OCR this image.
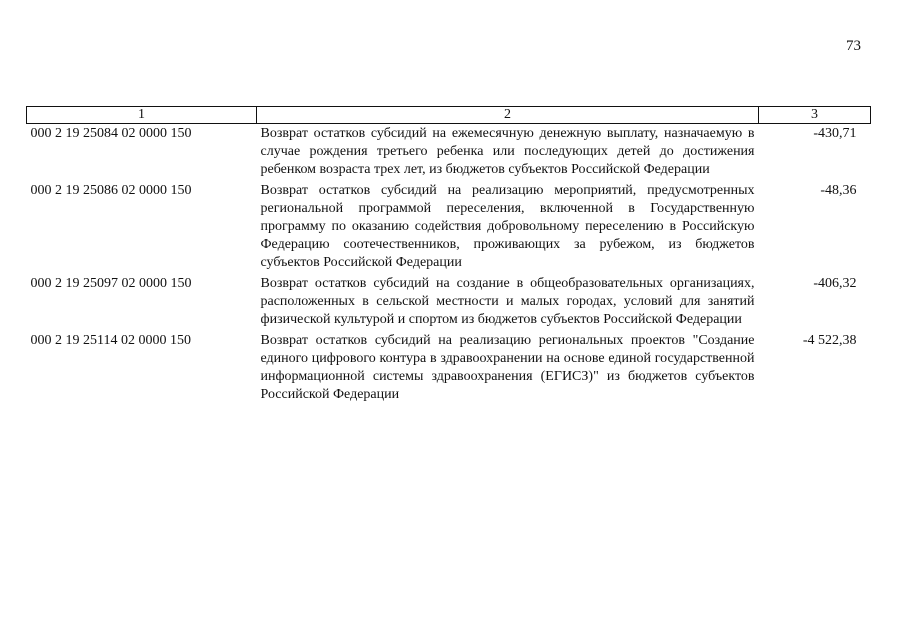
73
1	2	3
000 2 19 25084 02 0000 150	Возврат остатков субсидий на ежемесячную денежную выплату, назначаемую в случае рождения третьего ребенка или последующих детей до достижения ребенком возраста трех лет, из бюджетов субъектов Российской Федерации	-430,71
000 2 19 25086 02 0000 150	Возврат остатков субсидий на реализацию мероприятий, предусмотренных региональной программой переселения, включенной в Государственную программу по оказанию содействия добровольному переселению в Российскую Федерацию соотечественников, проживающих за рубежом, из бюджетов субъектов Российской Федерации	-48,36
000 2 19 25097 02 0000 150	Возврат остатков субсидий на создание в общеобразовательных организациях, расположенных в сельской местности и малых городах, условий для занятий физической культурой и спортом из бюджетов субъектов Российской Федерации	-406,32
000 2 19 25114 02 0000 150	Возврат остатков субсидий на реализацию региональных проектов "Создание единого цифрового контура в здравоохранении на основе единой государственной информационной системы здравоохранения (ЕГИСЗ)" из бюджетов субъектов Российской Федерации	-4 522,38
